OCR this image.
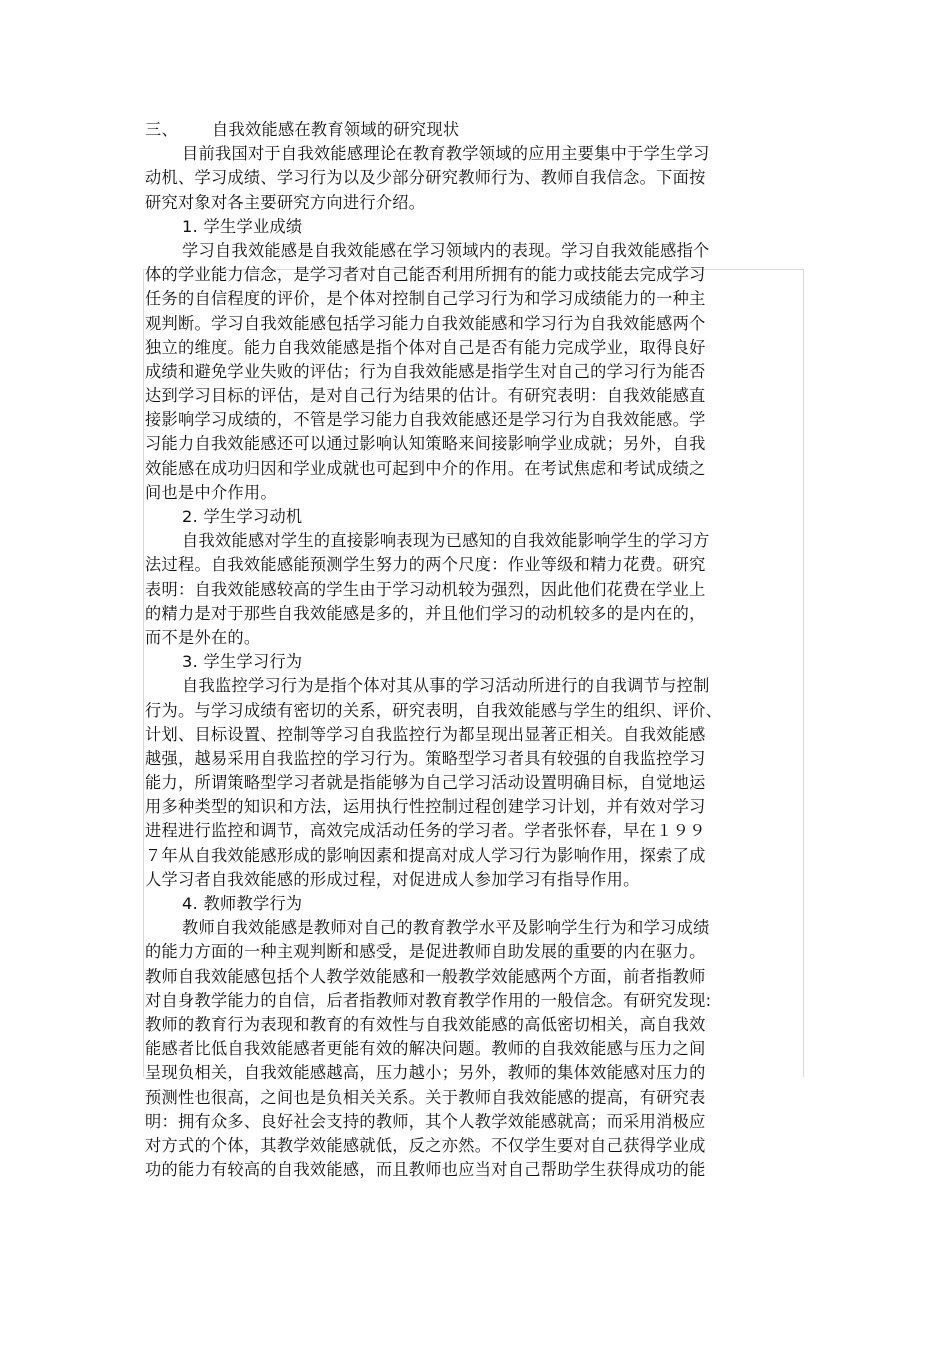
三、	自我效能感在教育领域的研究现状
目前我国对于自我效能感理论在教育教学领域的应用主要集中于学生学习
动机、学习成绩、学习行为以及少部分研究教师行为、教师自我信念。下面按
研究对象对各主要研究方向进行介绍。
1. 学生学业成绩
学习自我效能感是自我效能感在学习领域内的表现。学习自我效能感指个
体的学业能力信念，是学习者对自己能否利用所拥有的能力或技能去完成学习
任务的自信程度的评价，是个体对控制自己学习行为和学习成绩能力的一种主
观判断。学习自我效能感包括学习能力自我效能感和学习行为自我效能感两个
独立的维度。能力自我效能感是指个体对自己是否有能力完成学业，取得良好
成绩和避免学业失败的评估；行为自我效能感是指学生对自己的学习行为能否
达到学习目标的评估，是对自己行为结果的估计。有研究表明：自我效能感直
接影响学习成绩的，不管是学习能力自我效能感还是学习行为自我效能感。学
习能力自我效能感还可以通过影响认知策略来间接影响学业成就；另外，自我
效能感在成功归因和学业成就也可起到中介的作用。在考试焦虑和考试成绩之
间也是中介作用。
2. 学生学习动机
自我效能感对学生的直接影响表现为已感知的自我效能影响学生的学习方
法过程。自我效能感能预测学生努力的两个尺度：作业等级和精力花费。研究
表明：自我效能感较高的学生由于学习动机较为强烈，因此他们花费在学业上
的精力是对于那些自我效能感是多的，并且他们学习的动机较多的是内在的，
而不是外在的。
3. 学生学习行为
自我监控学习行为是指个体对其从事的学习活动所进行的自我调节与控制
行为。与学习成绩有密切的关系，研究表明，自我效能感与学生的组织、评价、
计划、目标设置、控制等学习自我监控行为都呈现出显著正相关。自我效能感
越强，越易采用自我监控的学习行为。策略型学习者具有较强的自我监控学习
能力，所谓策略型学习者就是指能够为自己学习活动设置明确目标，自觉地运
用多种类型的知识和方法，运用执行性控制过程创建学习计划，并有效对学习
进程进行监控和调节，高效完成活动任务的学习者。学者张怀春，早在１９９
７年从自我效能感形成的影响因素和提高对成人学习行为影响作用，探索了成
人学习者自我效能感的形成过程，对促进成人参加学习有指导作用。
4. 教师教学行为
教师自我效能感是教师对自己的教育教学水平及影响学生行为和学习成绩
的能力方面的一种主观判断和感受，是促进教师自助发展的重要的内在驱力。
教师自我效能感包括个人教学效能感和一般教学效能感两个方面，前者指教师
对自身教学能力的自信，后者指教师对教育教学作用的一般信念。有研究发现:
教师的教育行为表现和教育的有效性与自我效能感的高低密切相关，高自我效
能感者比低自我效能感者更能有效的解决问题。教师的自我效能感与压力之间
呈现负相关，自我效能感越高，压力越小；另外，教师的集体效能感对压力的
预测性也很高，之间也是负相关关系。关于教师自我效能感的提高，有研究表
明：拥有众多、良好社会支持的教师，其个人教学效能感就高；而采用消极应
对方式的个体，其教学效能感就低，反之亦然。不仅学生要对自己获得学业成
功的能力有较高的自我效能感，而且教师也应当对自己帮助学生获得成功的能
